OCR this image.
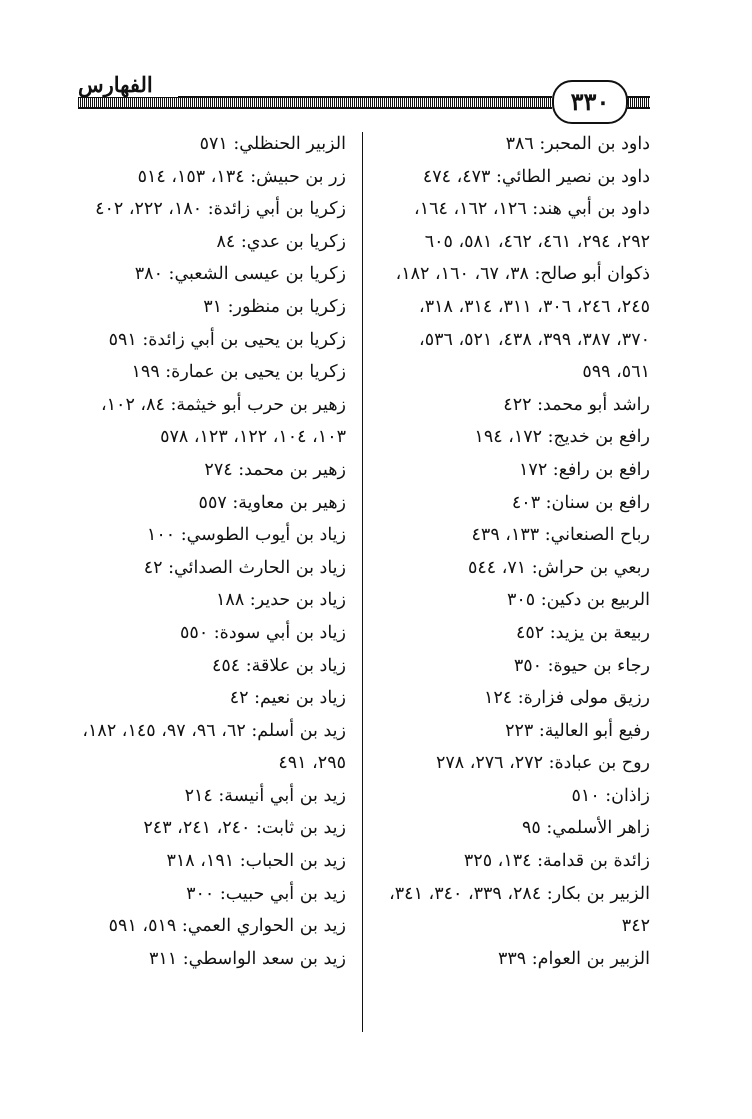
٣٣٠
الفهارس
داود بن المحبر: ٣٨٦
داود بن نصير الطائي: ٤٧٣، ٤٧٤
داود بن أبي هند: ١٢٦، ١٦٢، ١٦٤،
٢٩٢، ٢٩٤، ٤٦١، ٤٦٢، ٥٨١، ٦٠٥
ذكوان أبو صالح: ٣٨، ٦٧، ١٦٠، ١٨٢،
٢٤٥، ٢٤٦، ٣٠٦، ٣١١، ٣١٤، ٣١٨،
٣٧٠، ٣٨٧، ٣٩٩، ٤٣٨، ٥٢١، ٥٣٦،
٥٦١، ٥٩٩
راشد أبو محمد: ٤٢٢
رافع بن خديج: ١٧٢، ١٩٤
رافع بن رافع: ١٧٢
رافع بن سنان: ٤٠٣
رباح الصنعاني: ١٣٣، ٤٣٩
ربعي بن حراش: ٧١، ٥٤٤
الربيع بن دكين: ٣٠٥
ربيعة بن يزيد: ٤٥٢
رجاء بن حيوة: ٣٥٠
رزيق مولى فزارة: ١٢٤
رفيع أبو العالية: ٢٢٣
روح بن عبادة: ٢٧٢، ٢٧٦، ٢٧٨
زاذان: ٥١٠
زاهر الأسلمي: ٩٥
زائدة بن قدامة: ١٣٤، ٣٢٥
الزبير بن بكار: ٢٨٤، ٣٣٩، ٣٤٠، ٣٤١،
٣٤٢
الزبير بن العوام: ٣٣٩
الزبير الحنظلي: ٥٧١
زر بن حبيش: ١٣٤، ١٥٣، ٥١٤
زكريا بن أبي زائدة: ١٨٠، ٢٢٢، ٤٠٢
زكريا بن عدي: ٨٤
زكريا بن عيسى الشعبي: ٣٨٠
زكريا بن منظور: ٣١
زكريا بن يحيى بن أبي زائدة: ٥٩١
زكريا بن يحيى بن عمارة: ١٩٩
زهير بن حرب أبو خيثمة: ٨٤، ١٠٢،
١٠٣، ١٠٤، ١٢٢، ١٢٣، ٥٧٨
زهير بن محمد: ٢٧٤
زهير بن معاوية: ٥٥٧
زياد بن أيوب الطوسي: ١٠٠
زياد بن الحارث الصدائي: ٤٢
زياد بن حدير: ١٨٨
زياد بن أبي سودة: ٥٥٠
زياد بن علاقة: ٤٥٤
زياد بن نعيم: ٤٢
زيد بن أسلم: ٦٢، ٩٦، ٩٧، ١٤٥، ١٨٢،
٢٩٥، ٤٩١
زيد بن أبي أنيسة: ٢١٤
زيد بن ثابت: ٢٤٠، ٢٤١، ٢٤٣
زيد بن الحباب: ١٩١، ٣١٨
زيد بن أبي حبيب: ٣٠٠
زيد بن الحواري العمي: ٥١٩، ٥٩١
زيد بن سعد الواسطي: ٣١١
